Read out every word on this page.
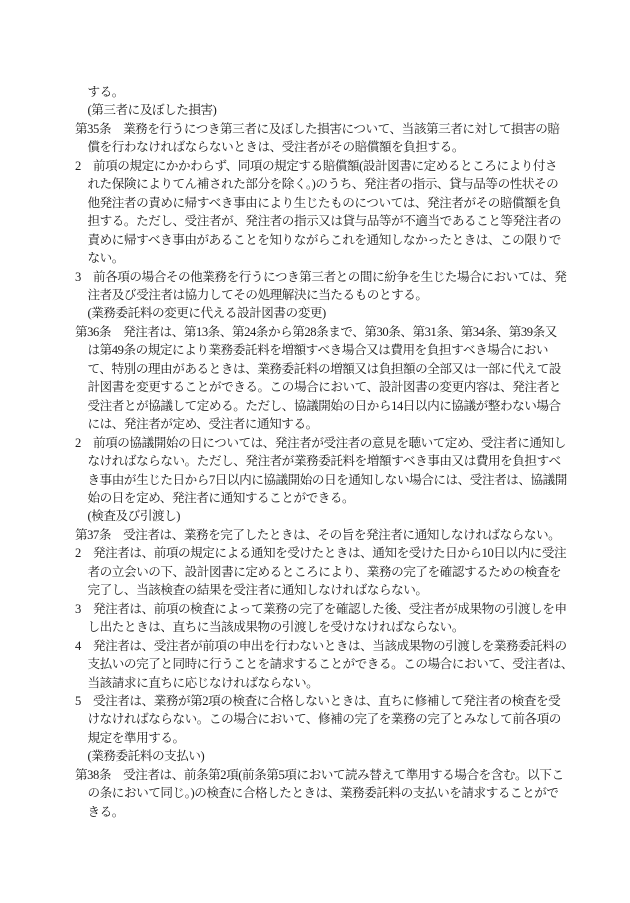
する。
(第三者に及ぼした損害)
第35条　業務を行うにつき第三者に及ぼした損害について、当該第三者に対して損害の賠
償を行わなければならないときは、受注者がその賠償額を負担する。
2　前項の規定にかかわらず、同項の規定する賠償額(設計図書に定めるところにより付さ
れた保険によりてん補された部分を除く。)のうち、発注者の指示、貸与品等の性状その
他発注者の責めに帰すべき事由により生じたものについては、発注者がその賠償額を負
担する。ただし、受注者が、発注者の指示又は貸与品等が不適当であること等発注者の
責めに帰すべき事由があることを知りながらこれを通知しなかったときは、この限りで
ない。
3　前各項の場合その他業務を行うにつき第三者との間に紛争を生じた場合においては、発
注者及び受注者は協力してその処理解決に当たるものとする。
(業務委託料の変更に代える設計図書の変更)
第36条　発注者は、第13条、第24条から第28条まで、第30条、第31条、第34条、第39条又
は第49条の規定により業務委託料を増額すべき場合又は費用を負担すべき場合におい
て、特別の理由があるときは、業務委託料の増額又は負担額の全部又は一部に代えて設
計図書を変更することができる。この場合において、設計図書の変更内容は、発注者と
受注者とが協議して定める。ただし、協議開始の日から14日以内に協議が整わない場合
には、発注者が定め、受注者に通知する。
2　前項の協議開始の日については、発注者が受注者の意見を聴いて定め、受注者に通知し
なければならない。ただし、発注者が業務委託料を増額すべき事由又は費用を負担すべ
き事由が生じた日から7日以内に協議開始の日を通知しない場合には、受注者は、協議開
始の日を定め、発注者に通知することができる。
(検査及び引渡し)
第37条　受注者は、業務を完了したときは、その旨を発注者に通知しなければならない。
2　発注者は、前項の規定による通知を受けたときは、通知を受けた日から10日以内に受注
者の立会いの下、設計図書に定めるところにより、業務の完了を確認するための検査を
完了し、当該検査の結果を受注者に通知しなければならない。
3　発注者は、前項の検査によって業務の完了を確認した後、受注者が成果物の引渡しを申
し出たときは、直ちに当該成果物の引渡しを受けなければならない。
4　発注者は、受注者が前項の申出を行わないときは、当該成果物の引渡しを業務委託料の
支払いの完了と同時に行うことを請求することができる。この場合において、受注者は、
当該請求に直ちに応じなければならない。
5　受注者は、業務が第2項の検査に合格しないときは、直ちに修補して発注者の検査を受
けなければならない。この場合において、修補の完了を業務の完了とみなして前各項の
規定を準用する。
(業務委託料の支払い)
第38条　受注者は、前条第2項(前条第5項において読み替えて準用する場合を含む。以下こ
の条において同じ。)の検査に合格したときは、業務委託料の支払いを請求することがで
きる。
